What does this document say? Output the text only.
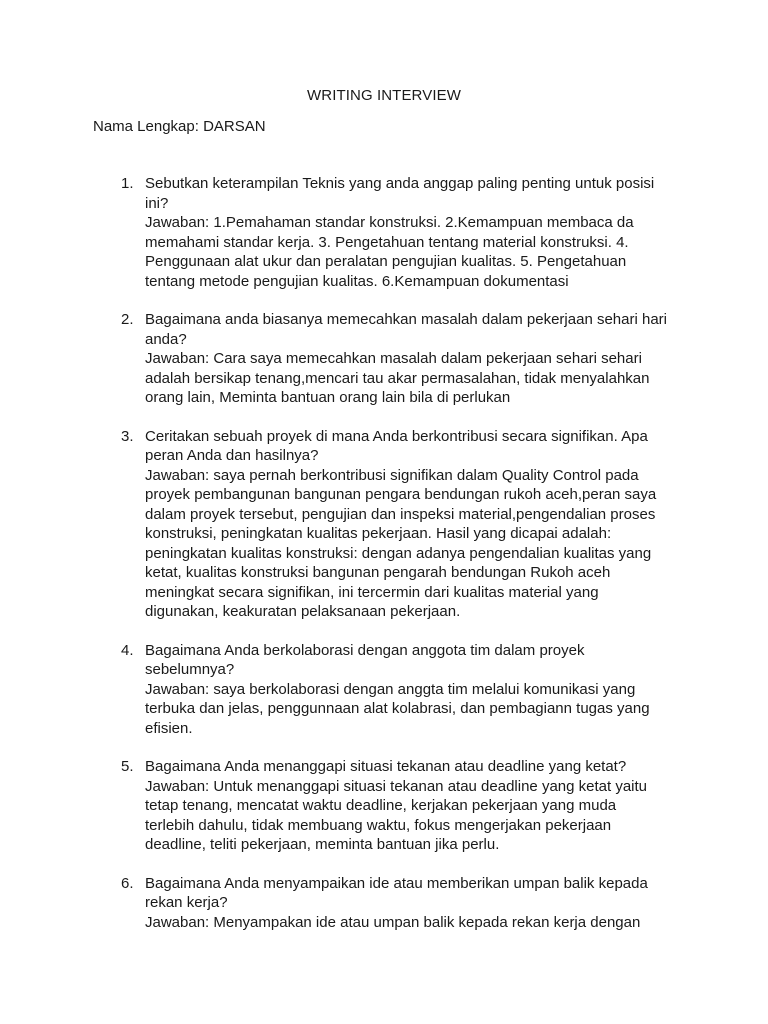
WRITING INTERVIEW
Nama Lengkap: DARSAN
1. Sebutkan keterampilan Teknis yang anda anggap paling penting untuk posisi ini?
Jawaban: 1.Pemahaman standar konstruksi. 2.Kemampuan membaca da memahami standar kerja. 3. Pengetahuan tentang material konstruksi. 4. Penggunaan alat ukur dan peralatan pengujian kualitas. 5. Pengetahuan tentang metode pengujian kualitas. 6.Kemampuan dokumentasi
2. Bagaimana anda biasanya memecahkan masalah dalam pekerjaan sehari hari anda?
Jawaban: Cara saya memecahkan masalah dalam pekerjaan sehari sehari adalah bersikap tenang,mencari tau akar permasalahan, tidak menyalahkan orang lain, Meminta bantuan orang lain bila di perlukan
3. Ceritakan sebuah proyek di mana Anda berkontribusi secara signifikan. Apa peran Anda dan hasilnya?
Jawaban: saya pernah berkontribusi signifikan dalam Quality Control pada proyek pembangunan bangunan pengara bendungan rukoh aceh,peran saya dalam proyek tersebut, pengujian dan inspeksi material,pengendalian proses konstruksi, peningkatan kualitas pekerjaan. Hasil yang dicapai adalah: peningkatan kualitas konstruksi: dengan adanya pengendalian kualitas yang ketat, kualitas konstruksi bangunan pengarah bendungan Rukoh aceh meningkat secara signifikan, ini tercermin dari kualitas material yang digunakan, keakuratan pelaksanaan pekerjaan.
4. Bagaimana Anda berkolaborasi dengan anggota tim dalam proyek sebelumnya?
Jawaban: saya berkolaborasi dengan anggta tim melalui komunikasi yang terbuka dan jelas, penggunnaan alat kolabrasi, dan pembagiann tugas yang efisien.
5. Bagaimana Anda menanggapi situasi tekanan atau deadline yang ketat?
Jawaban: Untuk menanggapi situasi tekanan atau deadline yang ketat yaitu tetap tenang, mencatat waktu deadline, kerjakan pekerjaan yang muda terlebih dahulu, tidak membuang waktu, fokus mengerjakan pekerjaan deadline, teliti pekerjaan, meminta bantuan jika perlu.
6. Bagaimana Anda menyampaikan ide atau memberikan umpan balik kepada rekan kerja?
Jawaban: Menyampakan ide atau umpan balik kepada rekan kerja dengan
